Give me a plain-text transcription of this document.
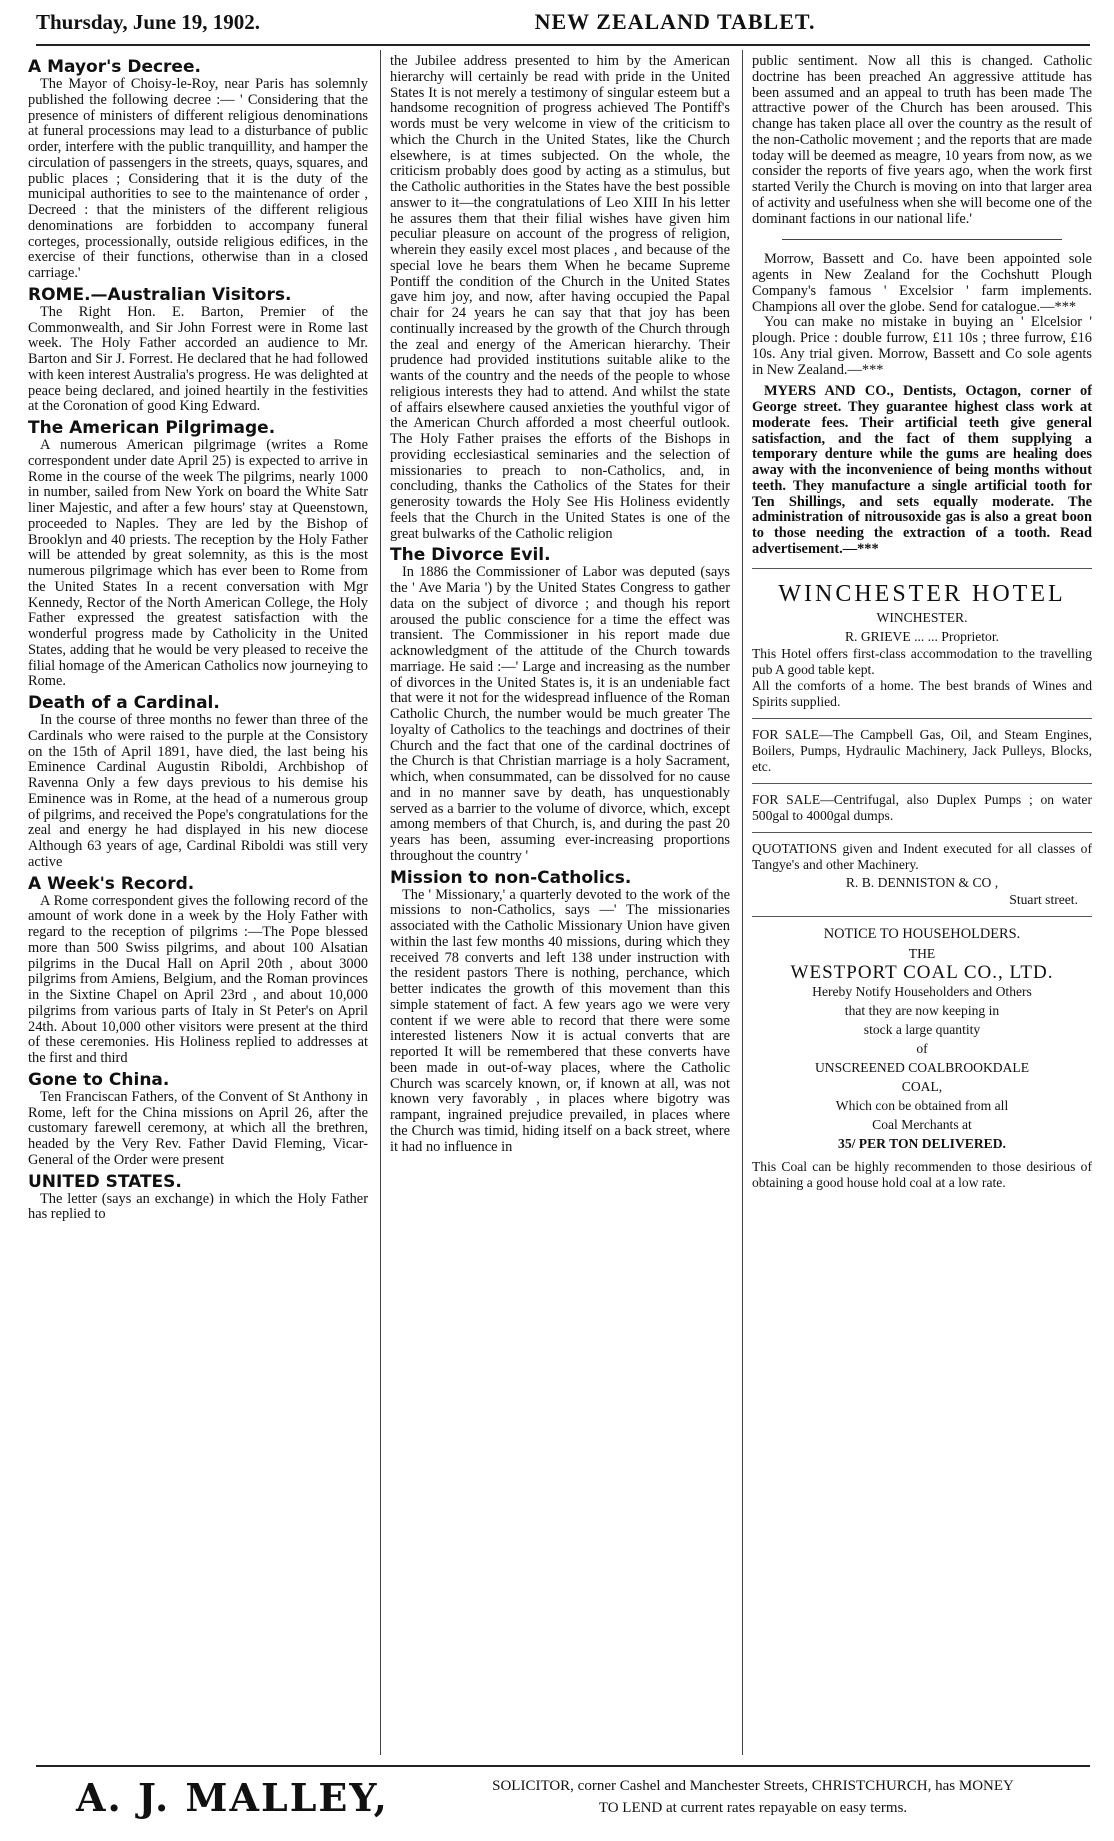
Thursday, June 19, 1902.	NEW ZEALAND TABLET.

A Mayor's Decree.

The Mayor of Choisy-le-Roy, near Paris has solemnly published the following decree :— ' Considering that the presence of ministers of different religious denominations at funeral processions may lead to a disturbance of public order, interfere with the public tranquillity, and hamper the circulation of passengers in the streets, quays, squares, and public places ; Considering that it is the duty of the municipal authorities to see to the maintenance of order , Decreed : that the ministers of the different religious denominations are forbidden to accompany funeral corteges, processionally, outside religious edifices, in the exercise of their functions, otherwise than in a closed carriage.'

ROME.—Australian Visitors.

The Right Hon. E. Barton, Premier of the Commonwealth, and Sir John Forrest were in Rome last week. The Holy Father accorded an audience to Mr. Barton and Sir J. Forrest. He declared that he had followed with keen interest Australia's progress. He was delighted at peace being declared, and joined heartily in the festivities at the Coronation of good King Edward.

The American Pilgrimage.

A numerous American pilgrimage (writes a Rome correspondent under date April 25) is expected to arrive in Rome in the course of the week The pilgrims, nearly 1000 in number, sailed from New York on board the White Satr liner Majestic, and after a few hours' stay at Queenstown, proceeded to Naples. They are led by the Bishop of Brooklyn and 40 priests. The reception by the Holy Father will be attended by great solemnity, as this is the most numerous pilgrimage which has ever been to Rome from the United States In a recent conversation with Mgr Kennedy, Rector of the North American College, the Holy Father expressed the greatest satisfaction with the wonderful progress made by Catholicity in the United States, adding that he would be very pleased to receive the filial homage of the American Catholics now journeying to Rome.

Death of a Cardinal.

In the course of three months no fewer than three of the Cardinals who were raised to the purple at the Consistory on the 15th of April 1891, have died, the last being his Eminence Cardinal Augustin Riboldi, Archbishop of Ravenna Only a few days previous to his demise his Eminence was in Rome, at the head of a numerous group of pilgrims, and received the Pope's congratulations for the zeal and energy he had displayed in his new diocese Although 63 years of age, Cardinal Riboldi was still very active

A Week's Record.

A Rome correspondent gives the following record of the amount of work done in a week by the Holy Father with regard to the reception of pilgrims :—The Pope blessed more than 500 Swiss pilgrims, and about 100 Alsatian pilgrims in the Ducal Hall on April 20th , about 3000 pilgrims from Amiens, Belgium, and the Roman provinces in the Sixtine Chapel on April 23rd , and about 10,000 pilgrims from various parts of Italy in St Peter's on April 24th. About 10,000 other visitors were present at the third of these ceremonies. His Holiness replied to addresses at the first and third

Gone to China.

Ten Franciscan Fathers, of the Convent of St Anthony in Rome, left for the China missions on April 26, after the customary farewell ceremony, at which all the brethren, headed by the Very Rev. Father David Fleming, Vicar-General of the Order were present

UNITED STATES.

The letter (says an exchange) in which the Holy Father has replied to

the Jubilee address presented to him by the American hierarchy will certainly be read with pride in the United States It is not merely a testimony of singular esteem but a handsome recognition of progress achieved The Pontiff's words must be very welcome in view of the criticism to which the Church in the United States, like the Church elsewhere, is at times subjected. On the whole, the criticism probably does good by acting as a stimulus, but the Catholic authorities in the States have the best possible answer to it—the congratulations of Leo XIII In his letter he assures them that their filial wishes have given him peculiar pleasure on account of the progress of religion, wherein they easily excel most places , and because of the special love he bears them When he became Supreme Pontiff the condition of the Church in the United States gave him joy, and now, after having occupied the Papal chair for 24 years he can say that that joy has been continually increased by the growth of the Church through the zeal and energy of the American hierarchy. Their prudence had provided institutions suitable alike to the wants of the country and the needs of the people to whose religious interests they had to attend. And whilst the state of affairs elsewhere caused anxieties the youthful vigor of the American Church afforded a most cheerful outlook. The Holy Father praises the efforts of the Bishops in providing ecclesiastical seminaries and the selection of missionaries to preach to non-Catholics, and, in concluding, thanks the Catholics of the States for their generosity towards the Holy See His Holiness evidently feels that the Church in the United States is one of the great bulwarks of the Catholic religion

The Divorce Evil.

In 1886 the Commissioner of Labor was deputed (says the ' Ave Maria ') by the United States Congress to gather data on the subject of divorce ; and though his report aroused the public conscience for a time the effect was transient. The Commissioner in his report made due acknowledgment of the attitude of the Church towards marriage. He said :—' Large and increasing as the number of divorces in the United States is, it is an undeniable fact that were it not for the widespread influence of the Roman Catholic Church, the number would be much greater The loyalty of Catholics to the teachings and doctrines of their Church and the fact that one of the cardinal doctrines of the Church is that Christian marriage is a holy Sacrament, which, when consummated, can be dissolved for no cause and in no manner save by death, has unquestionably served as a barrier to the volume of divorce, which, except among members of that Church, is, and during the past 20 years has been, assuming ever-increasing proportions throughout the country '

Mission to non-Catholics.

The ' Missionary,' a quarterly devoted to the work of the missions to non-Catholics, says —' The missionaries associated with the Catholic Missionary Union have given within the last few months 40 missions, during which they received 78 converts and left 138 under instruction with the resident pastors There is nothing, perchance, which better indicates the growth of this movement than this simple statement of fact. A few years ago we were very content if we were able to record that there were some interested listeners Now it is actual converts that are reported It will be remembered that these converts have been made in out-of-way places, where the Catholic Church was scarcely known, or, if known at all, was not known very favorably , in places where bigotry was rampant, ingrained prejudice prevailed, in places where the Church was timid, hiding itself on a back street, where it had no influence in

public sentiment. Now all this is changed. Catholic doctrine has been preached An aggressive attitude has been assumed and an appeal to truth has been made The attractive power of the Church has been aroused. This change has taken place all over the country as the result of the non-Catholic movement ; and the reports that are made today will be deemed as meagre, 10 years from now, as we consider the reports of five years ago, when the work first started Verily the Church is moving on into that larger area of activity and usefulness when she will become one of the dominant factions in our national life.'

Morrow, Bassett and Co. have been appointed sole agents in New Zealand for the Cochshutt Plough Company's famous ' Excelsior ' farm implements. Champions all over the globe. Send for catalogue.—***

You can make no mistake in buying an ' Elcelsior ' plough. Price : double furrow, £11 10s ; three furrow, £16 10s. Any trial given. Morrow, Bassett and Co sole agents in New Zealand.—***

MYERS AND CO., Dentists, Octagon, corner of George street. They guarantee highest class work at moderate fees. Their artificial teeth give general satisfaction, and the fact of them supplying a temporary denture while the gums are healing does away with the inconvenience of being months without teeth. They manufacture a single artificial tooth for Ten Shillings, and sets equally moderate. The administration of nitrousoxide gas is also a great boon to those needing the extraction of a tooth. Read advertisement.—***

WINCHESTER HOTEL

WINCHESTER.

R. GRIEVE ... ... Proprietor.

This Hotel offers first-class accommodation to the travelling pub A good table kept.

All the comforts of a home. The best brands of Wines and Spirits supplied.

FOR SALE—The Campbell Gas, Oil, and Steam Engines, Boilers, Pumps, Hydraulic Machinery, Jack Pulleys, Blocks, etc.

FOR SALE—Centrifugal, also Duplex Pumps ; on water 500gal to 4000gal dumps.

QUOTATIONS given and Indent executed for all classes of Tangye's and other Machinery.

R. B. DENNISTON & CO ,

Stuart street.

NOTICE TO HOUSEHOLDERS.

THE

WESTPORT COAL CO., LTD.

Hereby Notify Householders and Others

that they are now keeping in

stock a large quantity

of

UNSCREENED COALBROOKDALE

COAL,

Which con be obtained from all

Coal Merchants at

35/ PER TON DELIVERED.

This Coal can be highly recommenden to those desirious of obtaining a good house hold coal at a low rate.

A. J. MALLEY,	SOLICITOR, corner Cashel and Manchester Streets, CHRISTCHURCH, has MONEY
TO LEND at current rates repayable on easy terms.
